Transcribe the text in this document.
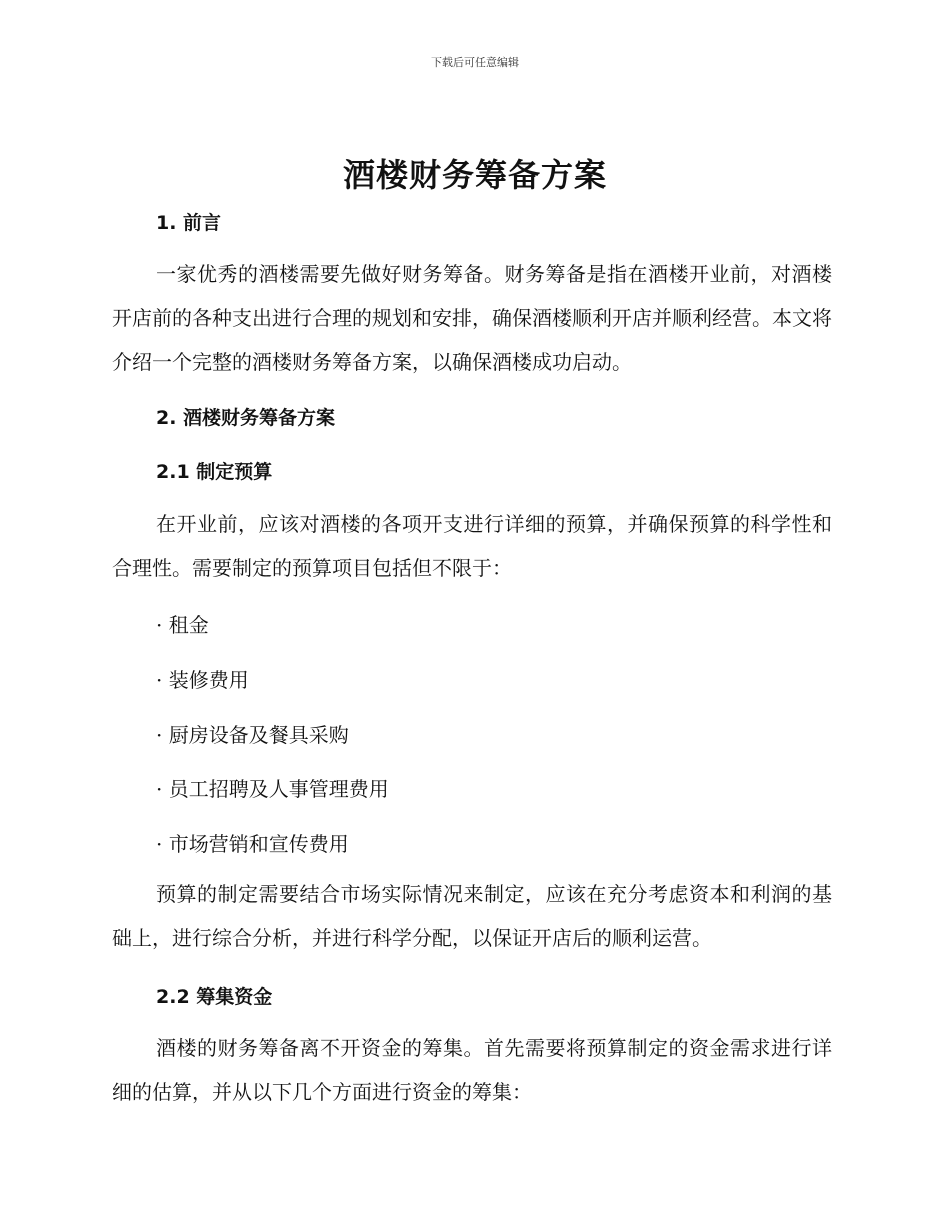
下载后可任意编辑
酒楼财务筹备方案
1. 前言

一家优秀的酒楼需要先做好财务筹备。财务筹备是指在酒楼开业前，对酒楼开店前的各种支出进行合理的规划和安排，确保酒楼顺利开店并顺利经营。本文将介绍一个完整的酒楼财务筹备方案，以确保酒楼成功启动。

2. 酒楼财务筹备方案
2.1 制定预算

在开业前，应该对酒楼的各项开支进行详细的预算，并确保预算的科学性和合理性。需要制定的预算项目包括但不限于：

· 租金

· 装修费用

· 厨房设备及餐具采购

· 员工招聘及人事管理费用

· 市场营销和宣传费用

预算的制定需要结合市场实际情况来制定，应该在充分考虑资本和利润的基础上，进行综合分析，并进行科学分配，以保证开店后的顺利运营。

2.2 筹集资金

酒楼的财务筹备离不开资金的筹集。首先需要将预算制定的资金需求进行详细的估算，并从以下几个方面进行资金的筹集：
